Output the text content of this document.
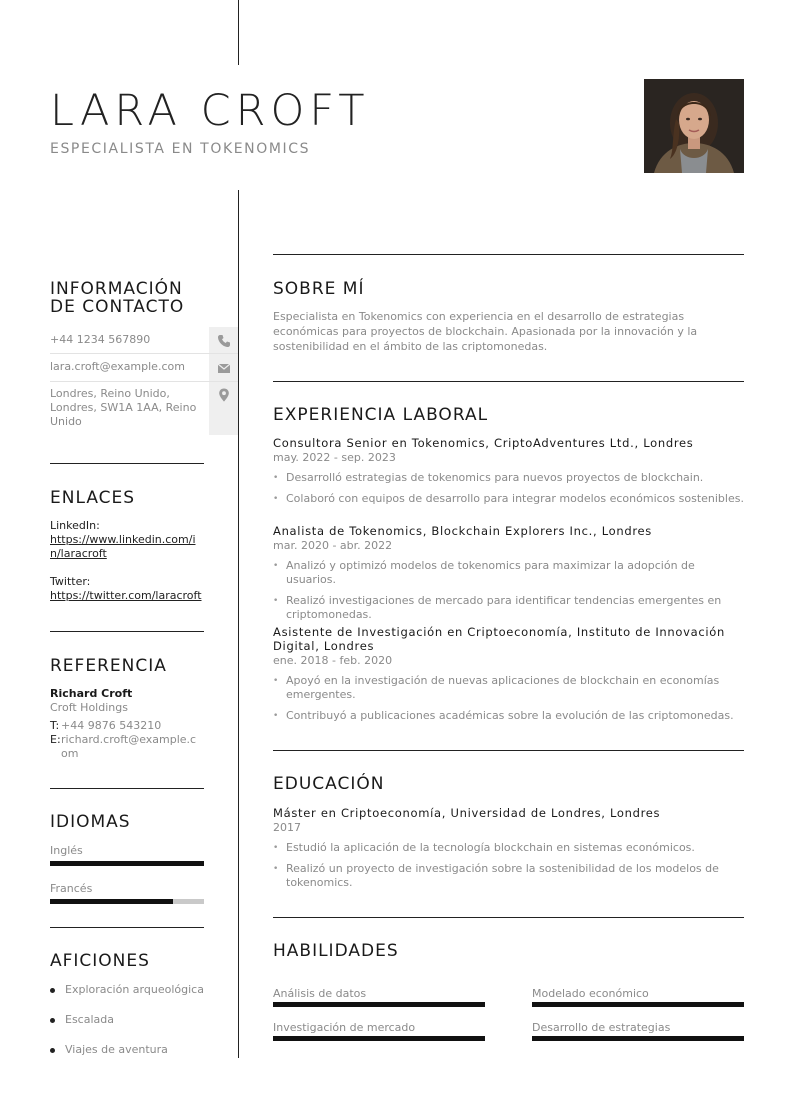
LARA CROFT
ESPECIALISTA EN TOKENOMICS
INFORMACIÓN DE CONTACTO
+44 1234 567890
lara.croft@example.com
Londres, Reino Unido, Londres, SW1A 1AA, Reino Unido
ENLACES
LinkedIn:
https://www.linkedin.com/in/laracroft
Twitter:
https://twitter.com/laracroft
REFERENCIA
Richard Croft
Croft Holdings
T: +44 9876 543210
E: richard.croft@example.com
IDIOMAS
Inglés
Francés
AFICIONES
Exploración arqueológica
Escalada
Viajes de aventura
SOBRE MÍ
Especialista en Tokenomics con experiencia en el desarrollo de estrategias económicas para proyectos de blockchain. Apasionada por la innovación y la sostenibilidad en el ámbito de las criptomonedas.
EXPERIENCIA LABORAL
Consultora Senior en Tokenomics, CriptoAdventures Ltd., Londres
may. 2022 - sep. 2023
• Desarrolló estrategias de tokenomics para nuevos proyectos de blockchain.
• Colaboró con equipos de desarrollo para integrar modelos económicos sostenibles.
Analista de Tokenomics, Blockchain Explorers Inc., Londres
mar. 2020 - abr. 2022
• Analizó y optimizó modelos de tokenomics para maximizar la adopción de usuarios.
• Realizó investigaciones de mercado para identificar tendencias emergentes en criptomonedas.
Asistente de Investigación en Criptoeconomía, Instituto de Innovación Digital, Londres
ene. 2018 - feb. 2020
• Apoyó en la investigación de nuevas aplicaciones de blockchain en economías emergentes.
• Contribuyó a publicaciones académicas sobre la evolución de las criptomonedas.
EDUCACIÓN
Máster en Criptoeconomía, Universidad de Londres, Londres
2017
• Estudió la aplicación de la tecnología blockchain en sistemas económicos.
• Realizó un proyecto de investigación sobre la sostenibilidad de los modelos de tokenomics.
HABILIDADES
Análisis de datos	Modelado económico
Investigación de mercado	Desarrollo de estrategias
